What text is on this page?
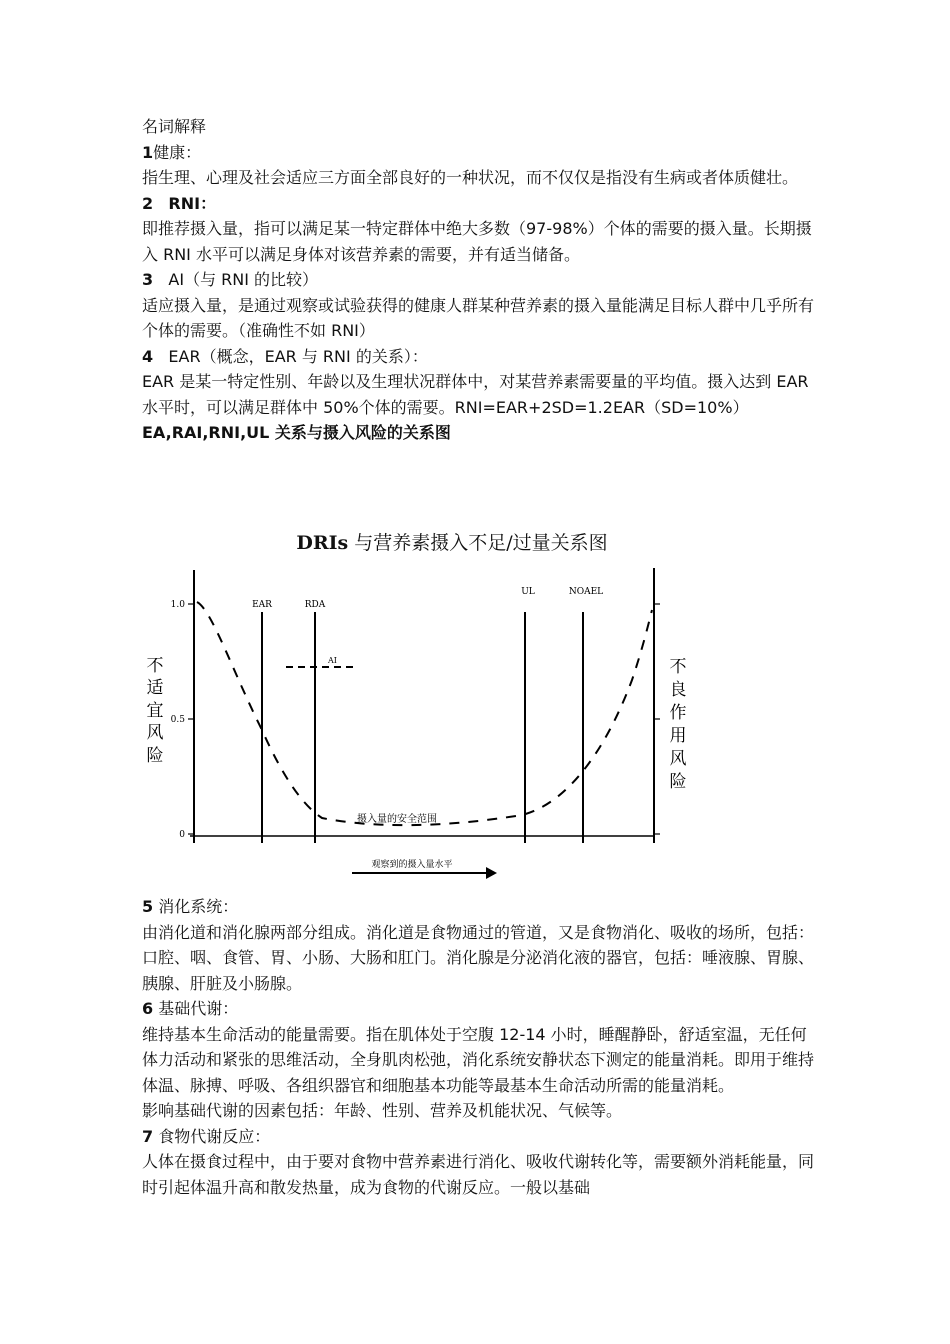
名词解释

1健康：

指生理、心理及社会适应三方面全部良好的一种状况，而不仅仅是指没有生病或者体质健壮。

2 RNI：

即推荐摄入量，指可以满足某一特定群体中绝大多数（97-98%）个体的需要的摄入量。长期摄入 RNI 水平可以满足身体对该营养素的需要，并有适当储备。

3 AI（与 RNI 的比较）

适应摄入量，是通过观察或试验获得的健康人群某种营养素的摄入量能满足目标人群中几乎所有个体的需要。（准确性不如 RNI）

4 EAR（概念，EAR 与 RNI 的关系）：

EAR 是某一特定性别、年龄以及生理状况群体中，对某营养素需要量的平均值。摄入达到 EAR 水平时，可以满足群体中 50%个体的需要。RNI=EAR+2SD=1.2EAR（SD=10%）

EA,RAI,RNI,UL 关系与摄入风险的关系图

DRIs 与营养素摄入不足/过量关系图
1.0
0.5
0
EAR	RDA
UL	NOAEL
AI
摄入量的安全范围
不
适
宜
风
险
不
良
作
用
风
险
观察到的摄入量水平

5 消化系统：

由消化道和消化腺两部分组成。消化道是食物通过的管道，又是食物消化、吸收的场所，包括：口腔、咽、食管、胃、小肠、大肠和肛门。消化腺是分泌消化液的器官，包括：唾液腺、胃腺、胰腺、肝脏及小肠腺。

6 基础代谢：

维持基本生命活动的能量需要。指在肌体处于空腹 12-14 小时，睡醒静卧，舒适室温，无任何体力活动和紧张的思维活动，全身肌肉松弛，消化系统安静状态下测定的能量消耗。即用于维持体温、脉搏、呼吸、各组织器官和细胞基本功能等最基本生命活动所需的能量消耗。

影响基础代谢的因素包括：年龄、性别、营养及机能状况、气候等。

7 食物代谢反应：

人体在摄食过程中，由于要对食物中营养素进行消化、吸收代谢转化等，需要额外消耗能量，同时引起体温升高和散发热量，成为食物的代谢反应。一般以基础
